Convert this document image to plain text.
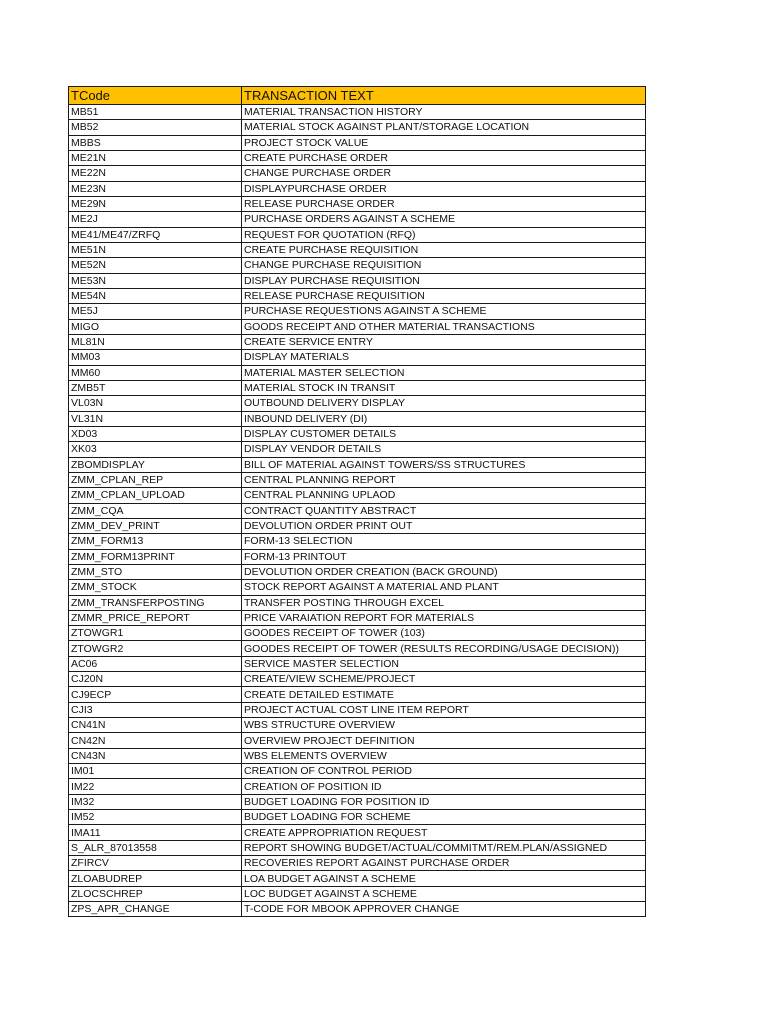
TCode	TRANSACTION TEXT
MB51	MATERIAL TRANSACTION HISTORY
MB52	MATERIAL STOCK AGAINST PLANT/STORAGE LOCATION
MBBS	PROJECT STOCK VALUE
ME21N	CREATE PURCHASE ORDER
ME22N	CHANGE PURCHASE ORDER
ME23N	DISPLAYPURCHASE ORDER
ME29N	RELEASE PURCHASE ORDER
ME2J	PURCHASE ORDERS AGAINST A SCHEME
ME41/ME47/ZRFQ	REQUEST FOR QUOTATION (RFQ)
ME51N	CREATE PURCHASE REQUISITION
ME52N	CHANGE PURCHASE REQUISITION
ME53N	DISPLAY PURCHASE REQUISITION
ME54N	RELEASE PURCHASE REQUISITION
ME5J	PURCHASE REQUESTIONS AGAINST A SCHEME
MIGO	GOODS RECEIPT AND OTHER MATERIAL TRANSACTIONS
ML81N	CREATE SERVICE ENTRY
MM03	DISPLAY MATERIALS
MM60	MATERIAL MASTER SELECTION
ZMB5T	MATERIAL STOCK IN TRANSIT
VL03N	OUTBOUND DELIVERY DISPLAY
VL31N	INBOUND DELIVERY (DI)
XD03	DISPLAY CUSTOMER DETAILS
XK03	DISPLAY VENDOR DETAILS
ZBOMDISPLAY	BILL OF MATERIAL AGAINST TOWERS/SS STRUCTURES
ZMM_CPLAN_REP	CENTRAL PLANNING REPORT
ZMM_CPLAN_UPLOAD	CENTRAL PLANNING UPLAOD
ZMM_CQA	CONTRACT QUANTITY ABSTRACT
ZMM_DEV_PRINT	DEVOLUTION ORDER PRINT OUT
ZMM_FORM13	FORM-13 SELECTION
ZMM_FORM13PRINT	FORM-13 PRINTOUT
ZMM_STO	DEVOLUTION ORDER CREATION (BACK GROUND)
ZMM_STOCK	STOCK REPORT AGAINST A MATERIAL AND PLANT
ZMM_TRANSFERPOSTING	TRANSFER POSTING THROUGH EXCEL
ZMMR_PRICE_REPORT	PRICE VARAIATION REPORT FOR MATERIALS
ZTOWGR1	GOODES RECEIPT OF TOWER (103)
ZTOWGR2	GOODES RECEIPT OF TOWER (RESULTS RECORDING/USAGE DECISION))
AC06	SERVICE MASTER SELECTION
CJ20N	CREATE/VIEW SCHEME/PROJECT
CJ9ECP	CREATE DETAILED ESTIMATE
CJI3	PROJECT ACTUAL COST LINE ITEM REPORT
CN41N	WBS STRUCTURE OVERVIEW
CN42N	OVERVIEW PROJECT DEFINITION
CN43N	WBS ELEMENTS OVERVIEW
IM01	CREATION OF CONTROL PERIOD
IM22	CREATION OF POSITION ID
IM32	BUDGET LOADING FOR POSITION ID
IM52	BUDGET LOADING FOR SCHEME
IMA11	CREATE APPROPRIATION REQUEST
S_ALR_87013558	REPORT SHOWING BUDGET/ACTUAL/COMMITMT/REM.PLAN/ASSIGNED
ZFIRCV	RECOVERIES REPORT AGAINST PURCHASE ORDER
ZLOABUDREP	LOA BUDGET AGAINST A SCHEME
ZLOCSCHREP	LOC BUDGET AGAINST A SCHEME
ZPS_APR_CHANGE	T-CODE FOR MBOOK APPROVER CHANGE
